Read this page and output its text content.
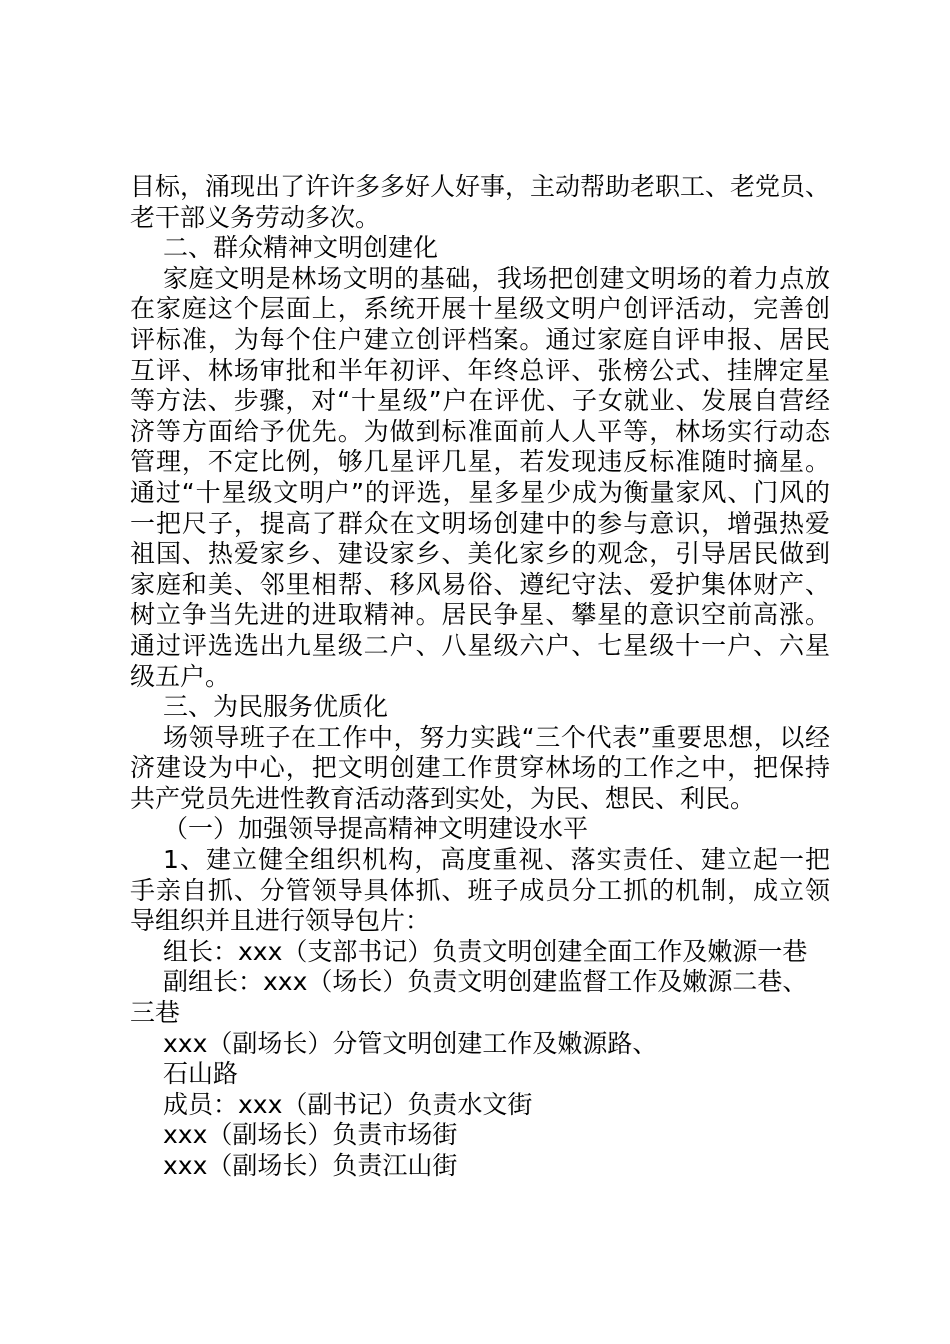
目标，涌现出了许许多多好人好事，主动帮助老职工、老党员、
老干部义务劳动多次。
二、群众精神文明创建化
家庭文明是林场文明的基础，我场把创建文明场的着力点放
在家庭这个层面上，系统开展十星级文明户创评活动，完善创
评标准，为每个住户建立创评档案。通过家庭自评申报、居民
互评、林场审批和半年初评、年终总评、张榜公式、挂牌定星
等方法、步骤，对“十星级”户在评优、子女就业、发展自营经
济等方面给予优先。为做到标准面前人人平等，林场实行动态
管理，不定比例，够几星评几星，若发现违反标准随时摘星。
通过“十星级文明户”的评选，星多星少成为衡量家风、门风的
一把尺子，提高了群众在文明场创建中的参与意识，增强热爱
祖国、热爱家乡、建设家乡、美化家乡的观念，引导居民做到
家庭和美、邻里相帮、移风易俗、遵纪守法、爱护集体财产、
树立争当先进的进取精神。居民争星、攀星的意识空前高涨。
通过评选选出九星级二户、八星级六户、七星级十一户、六星
级五户。
三、为民服务优质化
场领导班子在工作中，努力实践“三个代表”重要思想，以经
济建设为中心，把文明创建工作贯穿林场的工作之中，把保持
共产党员先进性教育活动落到实处，为民、想民、利民。
（一）加强领导提高精神文明建设水平
1、建立健全组织机构，高度重视、落实责任、建立起一把
手亲自抓、分管领导具体抓、班子成员分工抓的机制，成立领
导组织并且进行领导包片：
组长：xxx（支部书记）负责文明创建全面工作及嫩源一巷
副组长：xxx（场长）负责文明创建监督工作及嫩源二巷、
三巷
xxx（副场长）分管文明创建工作及嫩源路、
石山路
成员：xxx（副书记）负责水文街
xxx（副场长）负责市场街
xxx（副场长）负责江山街
